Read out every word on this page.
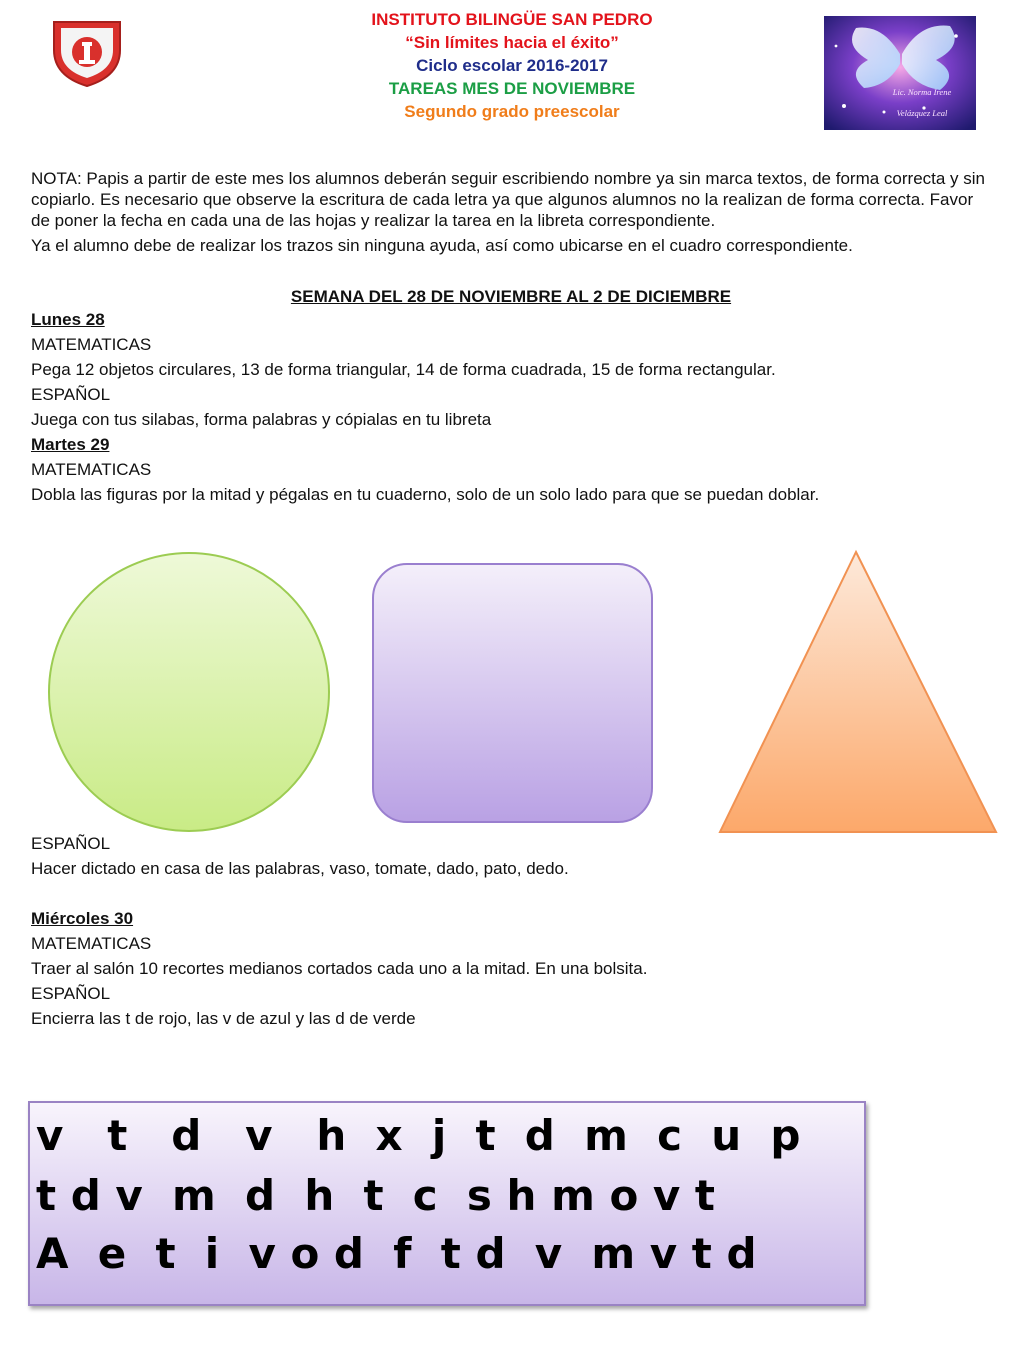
INSTITUTO BILINGÜE SAN PEDRO
“Sin límites hacia el éxito”
Ciclo escolar 2016-2017
TAREAS MES DE NOVIEMBRE
Segundo grado preescolar
Lic. Norma Irene
Velázquez Leal

NOTA: Papis a partir de este mes los alumnos deberán seguir escribiendo nombre ya sin marca textos, de forma correcta y sin copiarlo. Es necesario que observe la escritura de cada letra ya que algunos alumnos no la realizan de forma correcta. Favor de poner la fecha en cada una de las hojas y realizar la tarea en la libreta correspondiente.

Ya el alumno debe de realizar los trazos sin ninguna ayuda, así como ubicarse en el cuadro correspondiente.

SEMANA DEL 28 DE NOVIEMBRE AL 2 DE DICIEMBRE
Lunes 28
MATEMATICAS
Pega 12 objetos circulares, 13 de forma triangular, 14 de forma cuadrada, 15 de forma rectangular.
ESPAÑOL
Juega con tus silabas, forma palabras y cópialas en tu libreta
Martes 29
MATEMATICAS
Dobla las figuras por la mitad y pégalas en tu cuaderno, solo de un solo lado para que se puedan doblar.
ESPAÑOL
Hacer dictado en casa de las palabras, vaso, tomate, dado, pato, dedo.
Miércoles 30
MATEMATICAS
Traer al salón 10 recortes medianos cortados cada uno a la mitad. En una bolsita.
ESPAÑOL
Encierra las t de rojo, las v de azul y las d de verde
v   t   d   v   h  x  j  t  d  m  c  u  p
t d v  m  d  h  t  c  s h m o v t
A  e  t  i  v o d  f  t d  v  m v t d
